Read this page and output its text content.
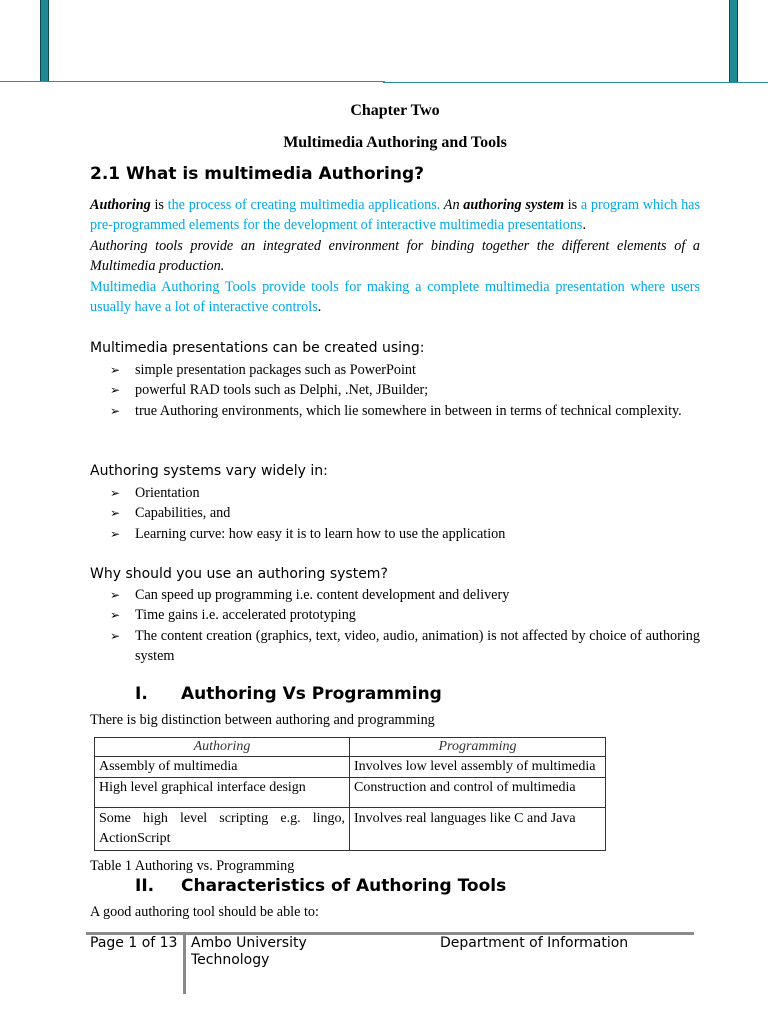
Chapter Two
Multimedia Authoring and Tools
2.1 What is multimedia Authoring?
Authoring is the process of creating multimedia applications. An authoring system is a program which has pre-programmed elements for the development of interactive multimedia presentations.
Authoring tools provide an integrated environment for binding together the different elements of a Multimedia production.
Multimedia Authoring Tools provide tools for making a complete multimedia presentation where users usually have a lot of interactive controls.
Multimedia presentations can be created using:
➢ simple presentation packages such as PowerPoint
➢ powerful RAD tools such as Delphi, .Net, JBuilder;
➢ true Authoring environments, which lie somewhere in between in terms of technical complexity.
Authoring systems vary widely in:
➢ Orientation
➢ Capabilities, and
➢ Learning curve: how easy it is to learn how to use the application
Why should you use an authoring system?
➢ Can speed up programming i.e. content development and delivery
➢ Time gains i.e. accelerated prototyping
➢ The content creation (graphics, text, video, audio, animation) is not affected by choice of authoring system
I. Authoring Vs Programming
There is big distinction between authoring and programming
Authoring	Programming
Assembly of multimedia	Involves low level assembly of multimedia
High level graphical interface design	Construction and control of multimedia
Some high level scripting e.g. lingo, ActionScript	Involves real languages like C and Java
Table 1 Authoring vs. Programming
II. Characteristics of Authoring Tools
A good authoring tool should be able to:
Page 1 of 13 Ambo University
Technology
Department of Information
